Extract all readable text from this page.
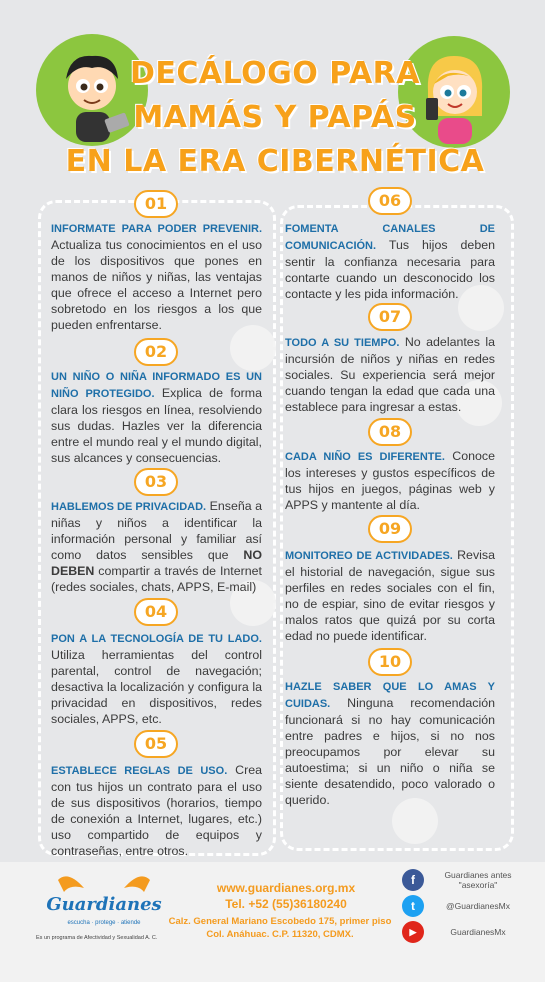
DECÁLOGO PARA
MAMÁS Y PAPÁS
EN LA ERA CIBERNÉTICA
01
02
03
04
05
06
07
08
09
10
INFORMATE PARA PODER PREVENIR. Actualiza tus conocimientos en el uso de los dispositivos que pones en manos de niños y niñas, las ventajas que ofrece el acceso a Internet pero sobretodo en los riesgos a los que pueden enfrentarse.
UN NIÑO O NIÑA INFORMADO ES UN NIÑO PROTEGIDO. Explica de forma clara los riesgos en línea, resolviendo sus dudas. Hazles ver la diferencia entre el mundo real y el mundo digital, sus alcances y consecuencias.
HABLEMOS DE PRIVACIDAD. Enseña a niñas y niños a identificar la información personal y familiar así como datos sensibles que NO DEBEN compartir a través de Internet (redes sociales, chats, APPS, E-mail)
PON A LA TECNOLOGÍA DE TU LADO. Utiliza herramientas del control parental, control de navegación; desactiva la localización y configura la privacidad en dispositivos, redes sociales, APPS, etc.
ESTABLECE REGLAS DE USO. Crea con tus hijos un contrato para el uso de sus dispositivos (horarios, tiempo de conexión a Internet, lugares, etc.) uso compartido de equipos y contraseñas, entre otros.
FOMENTA CANALES DE COMUNICACIÓN. Tus hijos deben sentir la confianza necesaria para contarte cuando un desconocido los contacte y les pida información.
TODO A SU TIEMPO. No adelantes la incursión de niños y niñas en redes sociales. Su experiencia será mejor cuando tengan la edad que cada una establece para ingresar a estas.
CADA NIÑO ES DIFERENTE. Conoce los intereses y gustos específicos de tus hijos en juegos, páginas web y APPS y mantente al día.
MONITOREO DE ACTIVIDADES. Revisa el historial de navegación, sigue sus perfiles en redes sociales con el fin, no de espiar, sino de evitar riesgos y malos ratos que quizá por su corta edad no puede identificar.
HAZLE SABER QUE LO AMAS Y CUIDAS. Ninguna recomendación funcionará si no hay comunicación entre padres e hijos, si no nos preocupamos por elevar su autoestima; si un niño o niña se siente desatendido, poco valorado o querido.
Guardianes
escucha · protege · atiende
Es un programa de Afectividad y Sexualidad A. C.
www.guardianes.org.mx
Tel. +52 (55)36180240
Calz. General Mariano Escobedo 175, primer piso
Col. Anáhuac. C.P. 11320, CDMX.
f	Guardianes antes "asexoría"
t	@GuardianesMx
▶	GuardianesMx
